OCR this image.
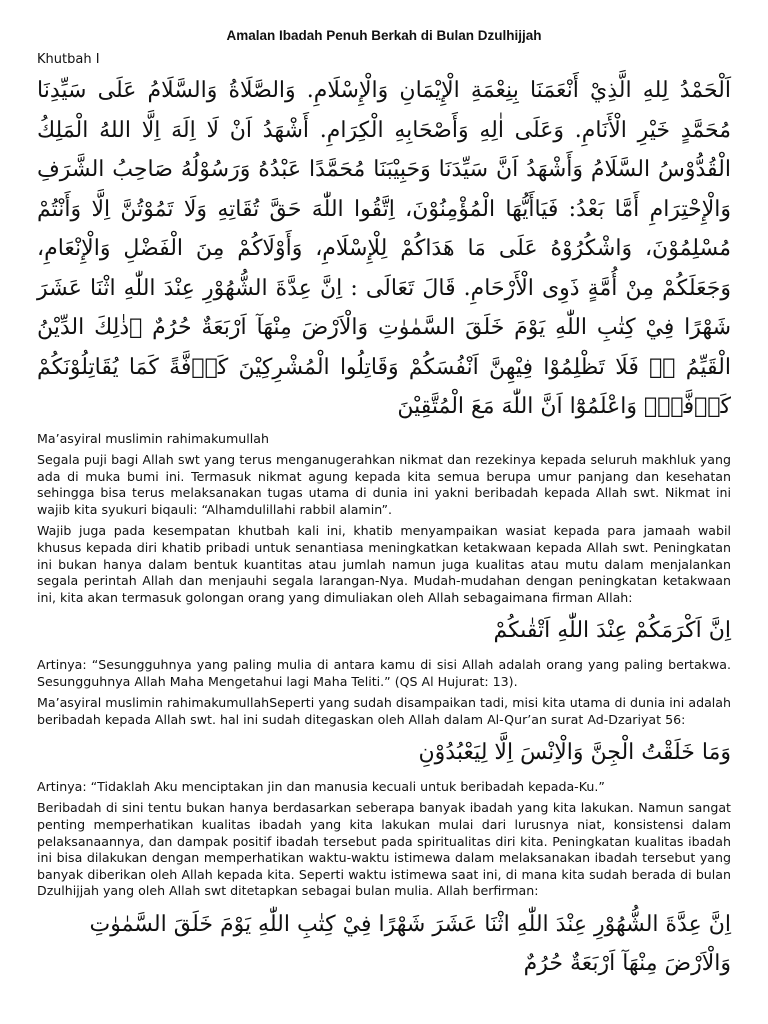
Amalan Ibadah Penuh Berkah di Bulan Dzulhijjah
Khutbah I

اَلْحَمْدُ لِلهِ الَّذِيْ أَنْعَمَنَا بِنِعْمَةِ الْإِيْمَانِ وَالْإِسْلَامِ. وَالصَّلَاةُ وَالسَّلَامُ عَلَى سَيِّدِنَا مُحَمَّدٍ خَيْرِ الْأَنَامِ. وَعَلَى اٰلِهِ وَأَصْحَابِهِ الْكِرَامِ. أَشْهَدُ اَنْ لَا اِلَهَ اِلَّا اللهُ الْمَلِكُ الْقُدُّوْسُ السَّلَامُ وَأَشْهَدُ اَنَّ سَيِّدَنَا وَحَبِيْبَنَا مُحَمَّدًا عَبْدُهُ وَرَسُوْلُهُ صَاحِبُ الشَّرَفِ وَالْإِحْتِرَامِ أَمَّا بَعْدُ: فَيَاأَيُّهَا الْمُؤْمِنُوْنَ، اِتَّقُوا اللّٰهَ حَقَّ تُقَاتِهِ وَلَا تَمُوْتُنَّ اِلَّا وَأَنْتُمْ مُسْلِمُوْنَ، وَاشْكُرُوْهُ عَلَى مَا هَدَاكُمْ لِلْإِسْلَامِ، وَأَوْلَاكُمْ مِنَ الْفَضْلِ وَالْإِنْعَامِ، وَجَعَلَكُمْ مِنْ أُمَّةٍ ذَوِى الْأَرْحَامِ. قَالَ تَعَالَى : اِنَّ عِدَّةَ الشُّهُوْرِ عِنْدَ اللّٰهِ اثْنَا عَشَرَ شَهْرًا فِيْ كِتٰبِ اللّٰهِ يَوْمَ خَلَقَ السَّمٰوٰتِ وَالْاَرْضَ مِنْهَآ اَرْبَعَةٌ حُرُمٌ ۗذٰلِكَ الدِّيْنُ الْقَيِّمُ ەۙ فَلَا تَظْلِمُوْا فِيْهِنَّ اَنْفُسَكُمْ وَقَاتِلُوا الْمُشْرِكِيْنَ كَاۤفَّةً كَمَا يُقَاتِلُوْنَكُمْ كَاۤفَّةًۗ وَاعْلَمُوْٓا اَنَّ اللّٰهَ مَعَ الْمُتَّقِيْنَ

Ma’asyiral muslimin rahimakumullah

Segala puji bagi Allah swt yang terus menganugerahkan nikmat dan rezekinya kepada seluruh makhluk yang ada di muka bumi ini. Termasuk nikmat agung kepada kita semua berupa umur panjang dan kesehatan sehingga bisa terus melaksanakan tugas utama di dunia ini yakni beribadah kepada Allah swt. Nikmat ini wajib kita syukuri biqauli: “Alhamdulillahi rabbil alamin”.

Wajib juga pada kesempatan khutbah kali ini, khatib menyampaikan wasiat kepada para jamaah wabil khusus kepada diri khatib pribadi untuk senantiasa meningkatkan ketakwaan kepada Allah swt. Peningkatan ini bukan hanya dalam bentuk kuantitas atau jumlah namun juga kualitas atau mutu dalam menjalankan segala perintah Allah dan menjauhi segala larangan-Nya. Mudah-mudahan dengan peningkatan ketakwaan ini, kita akan termasuk golongan orang yang dimuliakan oleh Allah sebagaimana firman Allah:

اِنَّ اَكْرَمَكُمْ عِنْدَ اللّٰهِ اَتْقٰىكُمْ

Artinya: “Sesungguhnya yang paling mulia di antara kamu di sisi Allah adalah orang yang paling bertakwa. Sesungguhnya Allah Maha Mengetahui lagi Maha Teliti.” (QS Al Hujurat: 13).

Ma’asyiral muslimin rahimakumullahSeperti yang sudah disampaikan tadi, misi kita utama di dunia ini adalah beribadah kepada Allah swt. hal ini sudah ditegaskan oleh Allah dalam Al-Qur’an surat Ad-Dzariyat 56:

وَمَا خَلَقْتُ الْجِنَّ وَالْاِنْسَ اِلَّا لِيَعْبُدُوْنِ

Artinya: “Tidaklah Aku menciptakan jin dan manusia kecuali untuk beribadah kepada-Ku.”

Beribadah di sini tentu bukan hanya berdasarkan seberapa banyak ibadah yang kita lakukan. Namun sangat penting memperhatikan kualitas ibadah yang kita lakukan mulai dari lurusnya niat, konsistensi dalam pelaksanaannya, dan dampak positif ibadah tersebut pada spiritualitas diri kita. Peningkatan kualitas ibadah ini bisa dilakukan dengan memperhatikan waktu-waktu istimewa dalam melaksanakan ibadah tersebut yang banyak diberikan oleh Allah kepada kita. Seperti waktu istimewa saat ini, di mana kita sudah berada di bulan Dzulhijjah yang oleh Allah swt ditetapkan sebagai bulan mulia. Allah berfirman:

اِنَّ عِدَّةَ الشُّهُوْرِ عِنْدَ اللّٰهِ اثْنَا عَشَرَ شَهْرًا فِيْ كِتٰبِ اللّٰهِ يَوْمَ خَلَقَ السَّمٰوٰتِ وَالْاَرْضَ مِنْهَآ اَرْبَعَةٌ حُرُمٌ
